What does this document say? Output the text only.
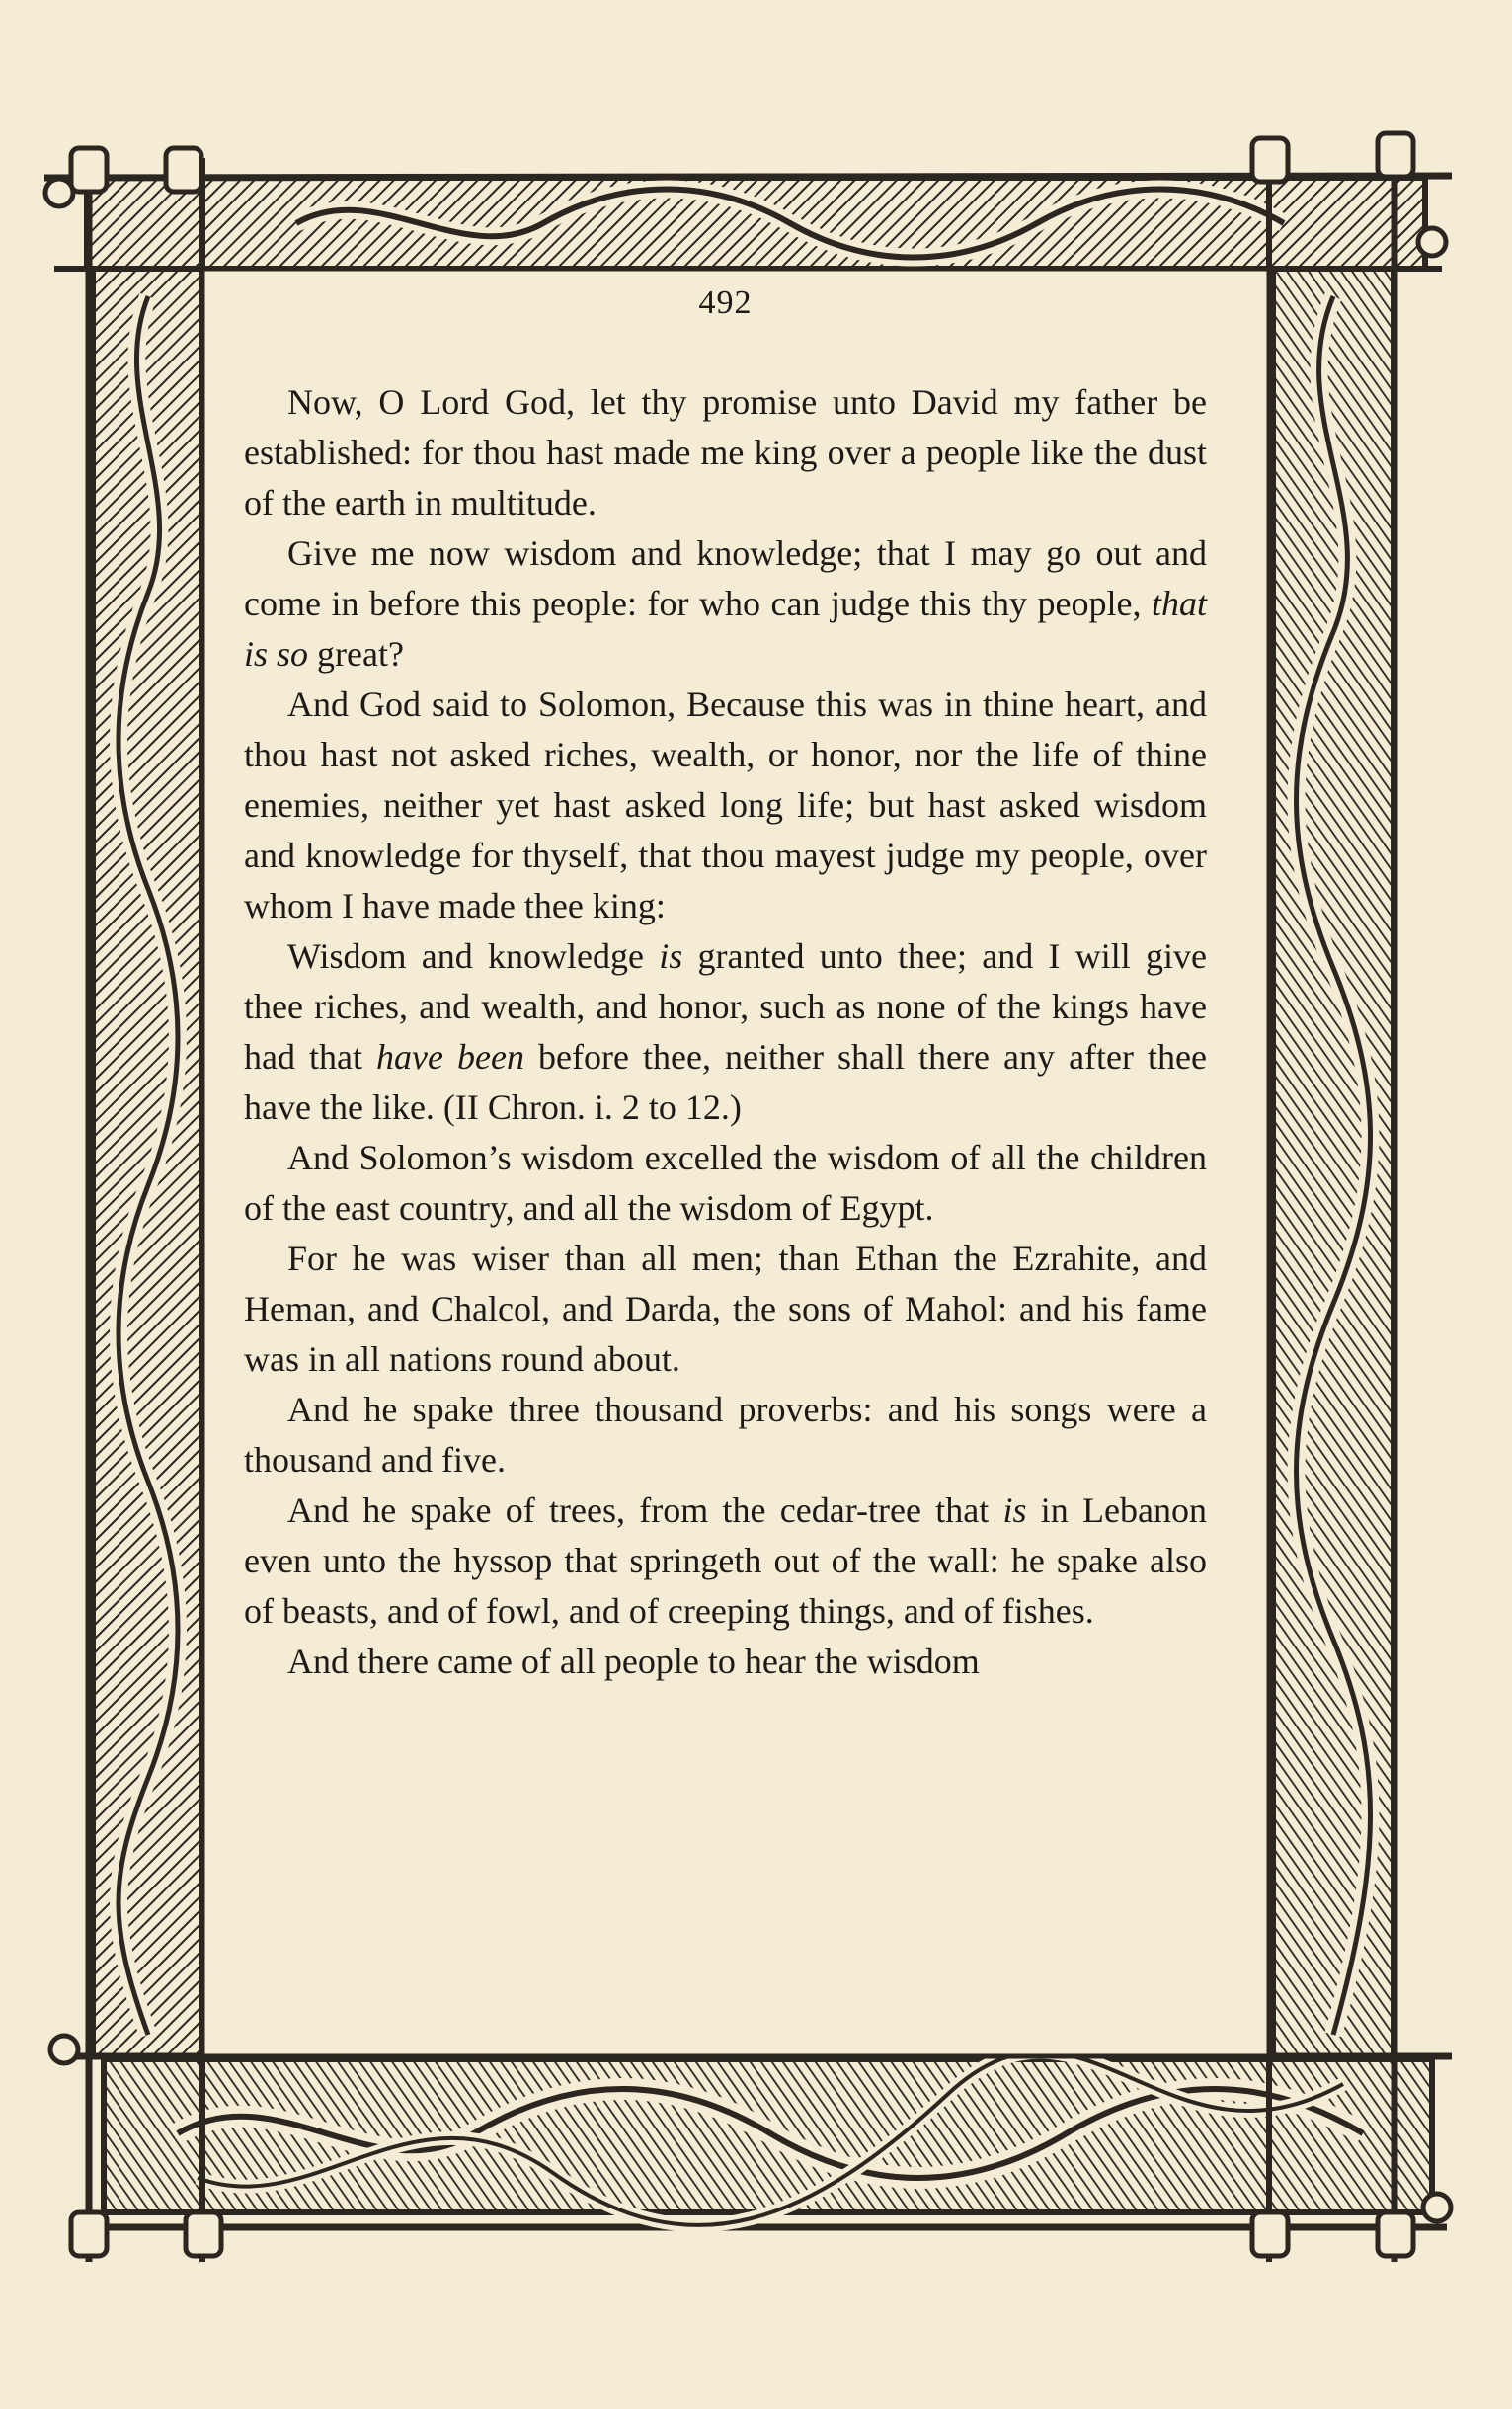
492

Now, O Lord God, let thy promise unto David my father be established: for thou hast made me king over a people like the dust of the earth in multitude.

Give me now wisdom and knowledge; that I may go out and come in before this people: for who can judge this thy people, that is so great?

And God said to Solomon, Because this was in thine heart, and thou hast not asked riches, wealth, or honor, nor the life of thine enemies, neither yet hast asked long life; but hast asked wisdom and knowledge for thyself, that thou mayest judge my people, over whom I have made thee king:

Wisdom and knowledge is granted unto thee; and I will give thee riches, and wealth, and honor, such as none of the kings have had that have been before thee, neither shall there any after thee have the like. (II Chron. i. 2 to 12.)

And Solomon’s wisdom excelled the wisdom of all the children of the east country, and all the wisdom of Egypt.

For he was wiser than all men; than Ethan the Ezrahite, and Heman, and Chalcol, and Darda, the sons of Mahol: and his fame was in all nations round about.

And he spake three thousand proverbs: and his songs were a thousand and five.

And he spake of trees, from the cedar-tree that is in Lebanon even unto the hyssop that springeth out of the wall: he spake also of beasts, and of fowl, and of creeping things, and of fishes.

And there came of all people to hear the wisdom
